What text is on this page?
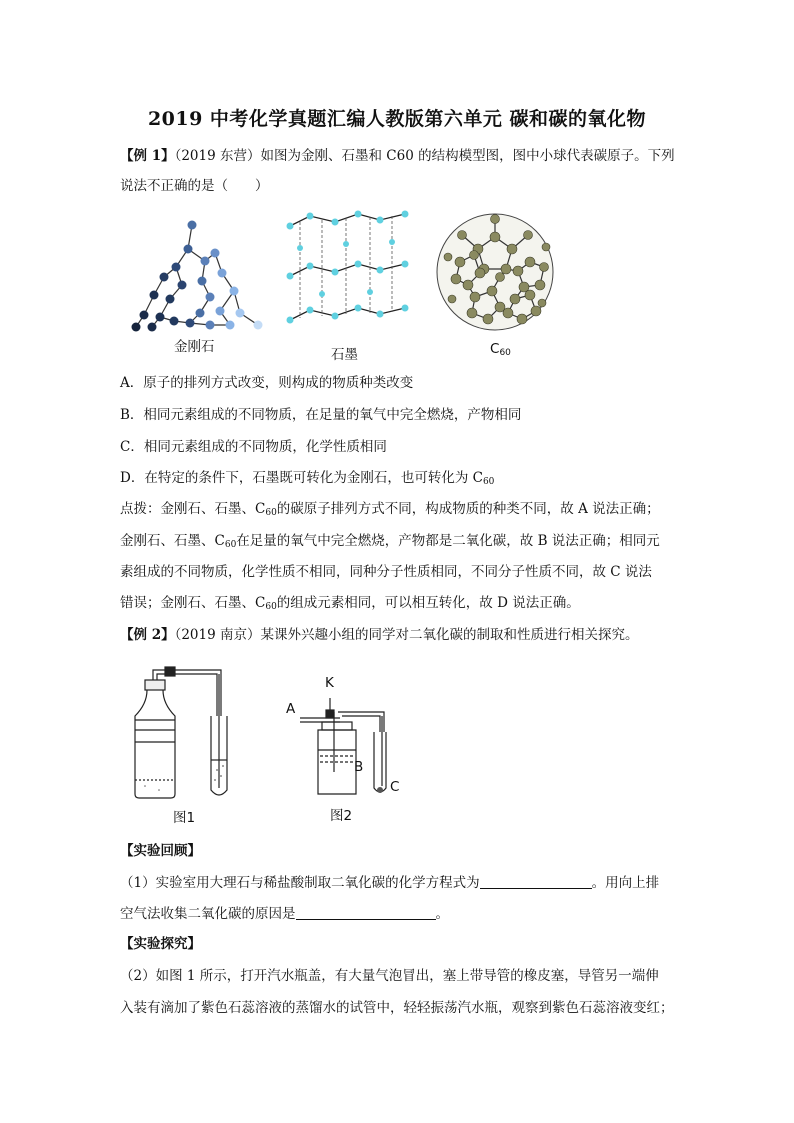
2019 中考化学真题汇编人教版第六单元 碳和碳的氧化物
【例 1】（2019 东营）如图为金刚、石墨和 C60 的结构模型图，图中小球代表碳原子。下列
说法不正确的是（　　）
金刚石	石墨	$C_{60}$
A．原子的排列方式改变，则构成的物质种类改变
B．相同元素组成的不同物质，在足量的氧气中完全燃烧，产物相同
C．相同元素组成的不同物质，化学性质相同
D．在特定的条件下，石墨既可转化为金刚石，也可转化为 $C_{60}$
点拨：金刚石、石墨、$C_{60}$的碳原子排列方式不同，构成物质的种类不同，故 A 说法正确；
金刚石、石墨、$C_{60}$在足量的氧气中完全燃烧，产物都是二氧化碳，故 B 说法正确；相同元
素组成的不同物质，化学性质不相同，同种分子性质相同，不同分子性质不同，故 C 说法
错误；金刚石、石墨、$C_{60}$的组成元素相同，可以相互转化，故 D 说法正确。
【例 2】（2019 南京）某课外兴趣小组的同学对二氧化碳的制取和性质进行相关探究。
图1
K
A
B
C
图2
【实验回顾】
（1）实验室用大理石与稀盐酸制取二氧化碳的化学方程式为	。用向上排
空气法收集二氧化碳的原因是	。
【实验探究】
（2）如图 1 所示，打开汽水瓶盖，有大量气泡冒出，塞上带导管的橡皮塞，导管另一端伸
入装有滴加了紫色石蕊溶液的蒸馏水的试管中，轻轻振荡汽水瓶，观察到紫色石蕊溶液变红；
